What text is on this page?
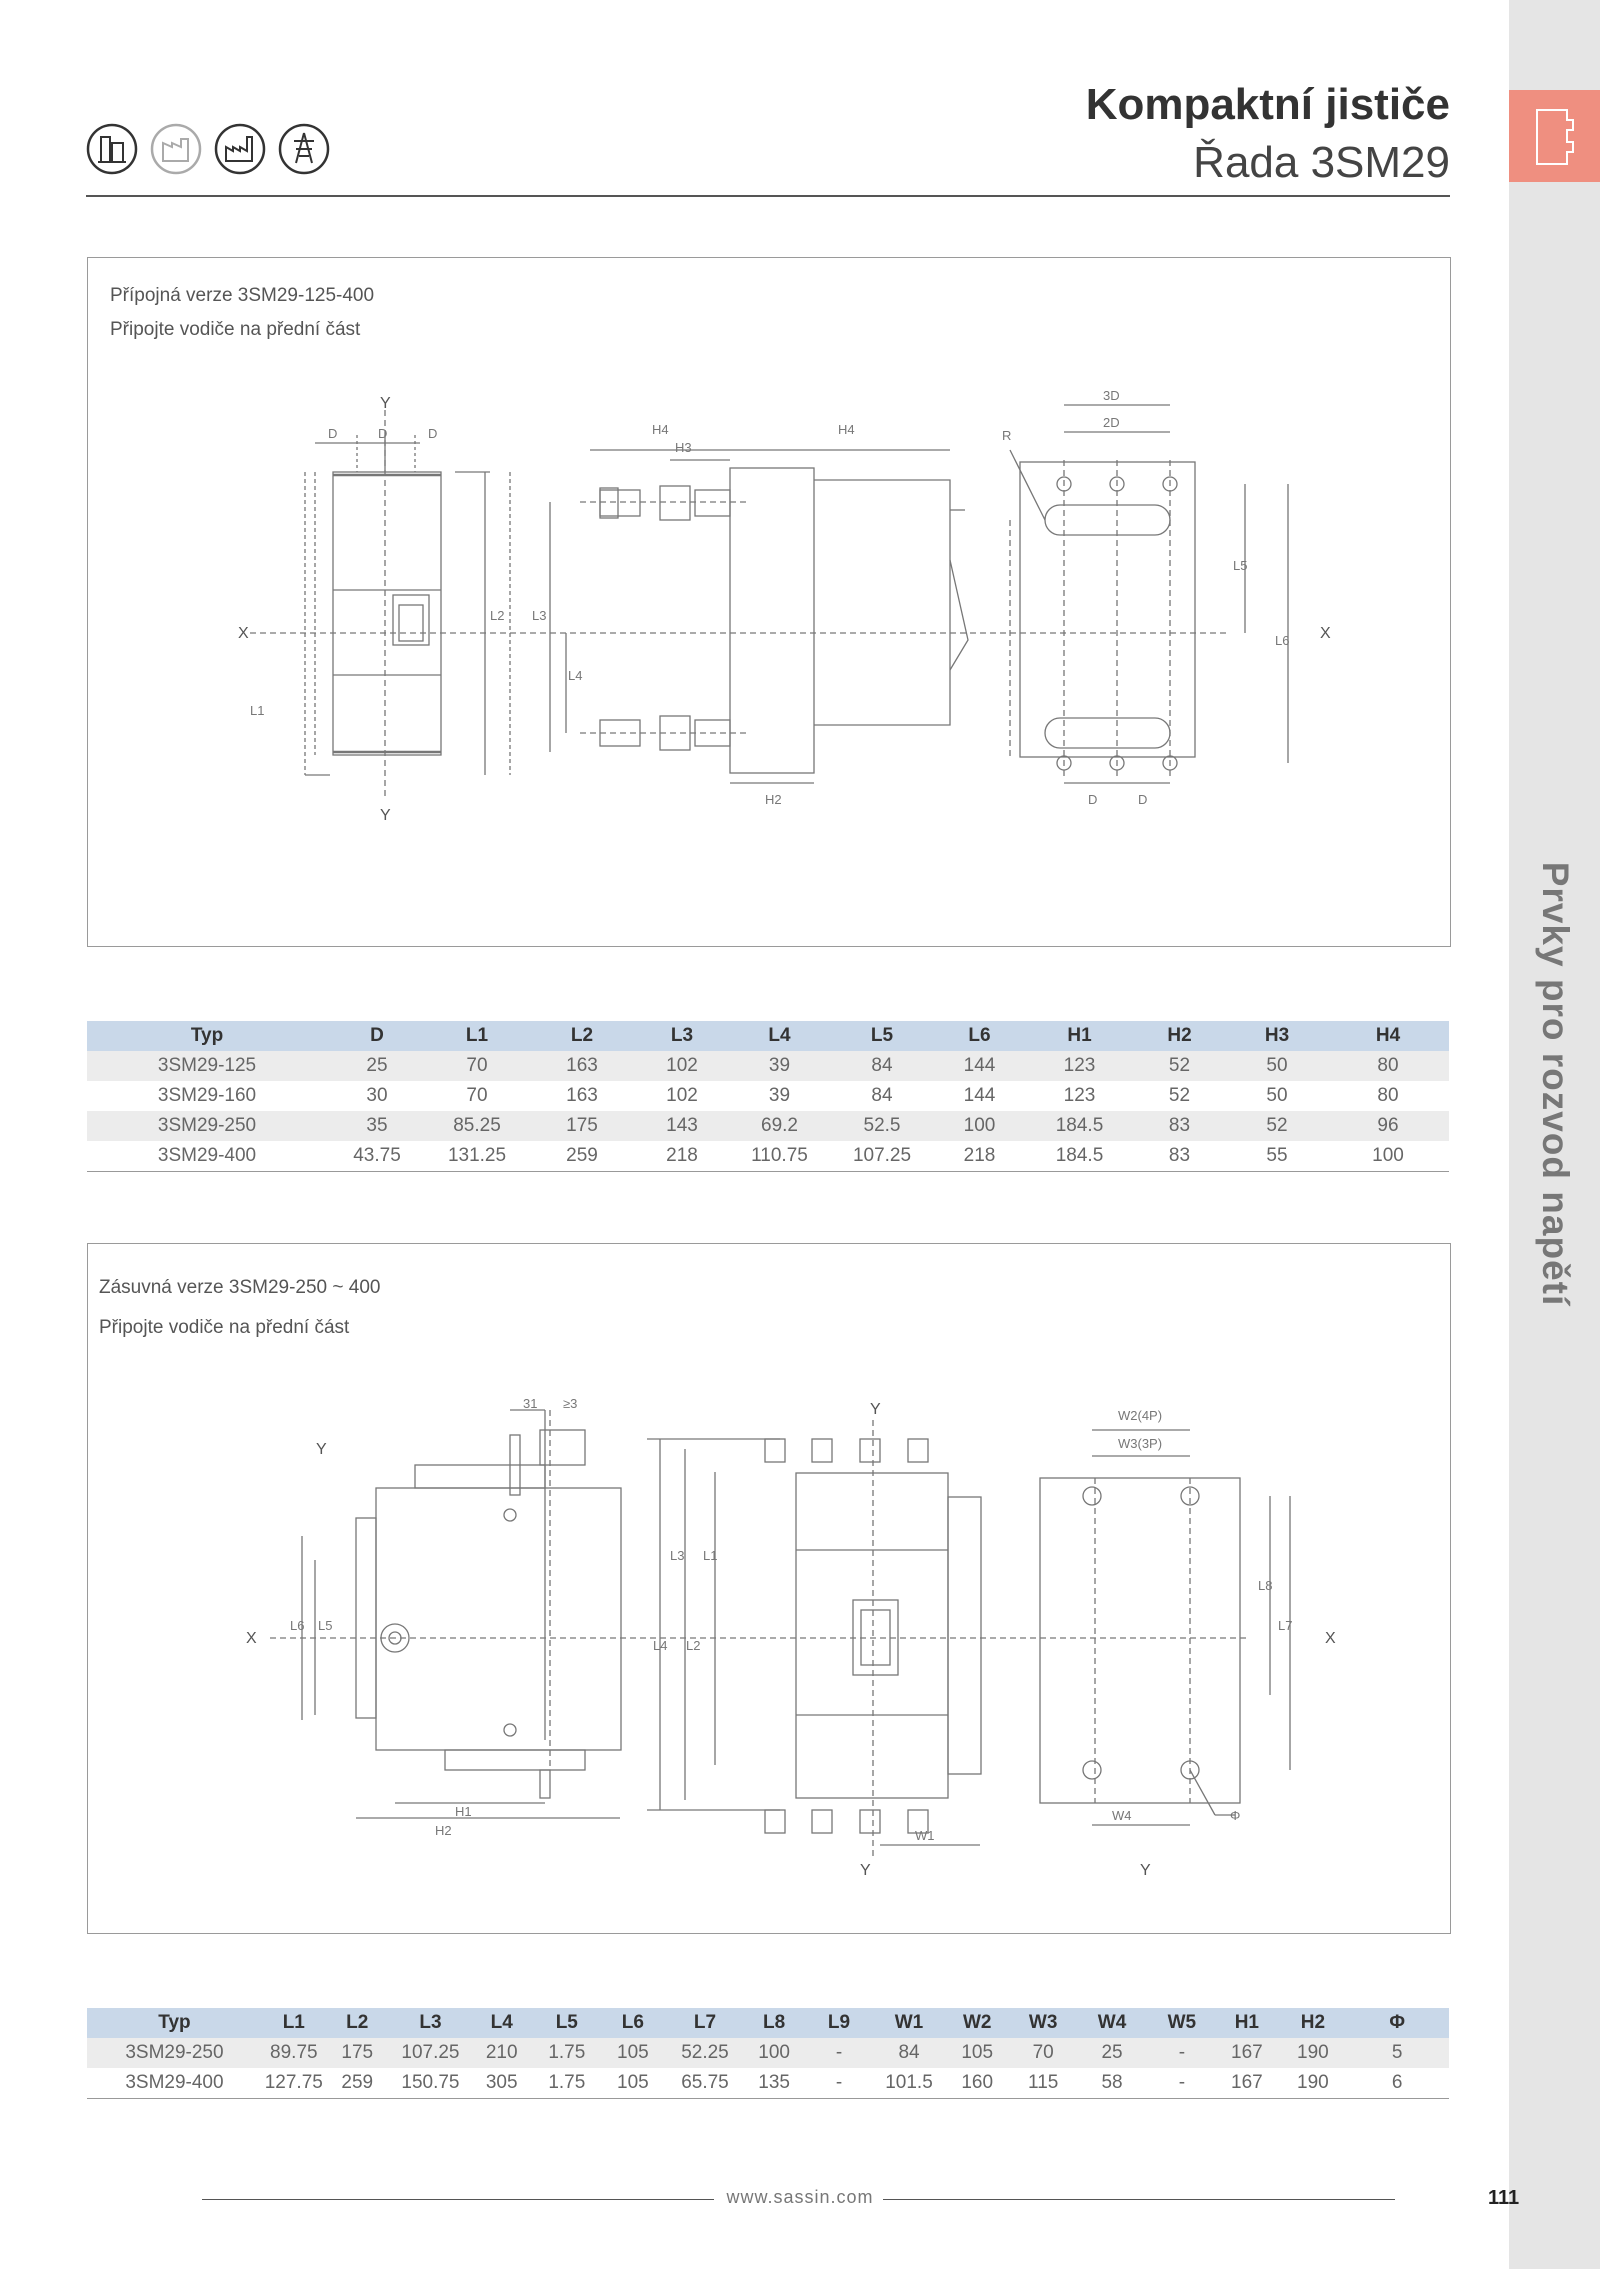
Prvky pro rozvod napětí
Kompaktní jističe
Řada 3SM29
Přípojná verze 3SM29-125-400
Připojte vodiče na přední část
Y
Y
X	X
D	D	D
L1
L2 L3
L4
L5
L6
H2
H3
H4	H4	R
3D
2D
D	D
Typ	D	L1	L2	L3	L4	L5	L6	H1	H2	H3	H4
3SM29-125	25	70	163	102	39	84	144	123	52	50	80
3SM29-160	30	70	163	102	39	84	144	123	52	50	80
3SM29-250	35	85.25	175	143	69.2	52.5	100	184.5	83	52	96
3SM29-400	43.75	131.25	259	218	110.75	107.25	218	184.5	83	55	100
Zásuvná verze 3SM29-250 ~ 400
Připojte vodiče na přední část
Y
Y
Y	Y
X	X
31 ≥3
L6 L5
H1
H2
L4
L3
L2
L1
W1
W2(4P)
W3(3P)
W4
L8
L7
Φ
Typ	L1	L2	L3	L4	L5	L6	L7	L8	L9	W1	W2	W3	W4	W5	H1	H2	Φ
3SM29-250	89.75	175	107.25	210	1.75	105	52.25	100	-	84	105	70	25	-	167	190	5
3SM29-400	127.75	259	150.75	305	1.75	105	65.75	135	-	101.5	160	115	58	-	167	190	6
www.sassin.com	111
